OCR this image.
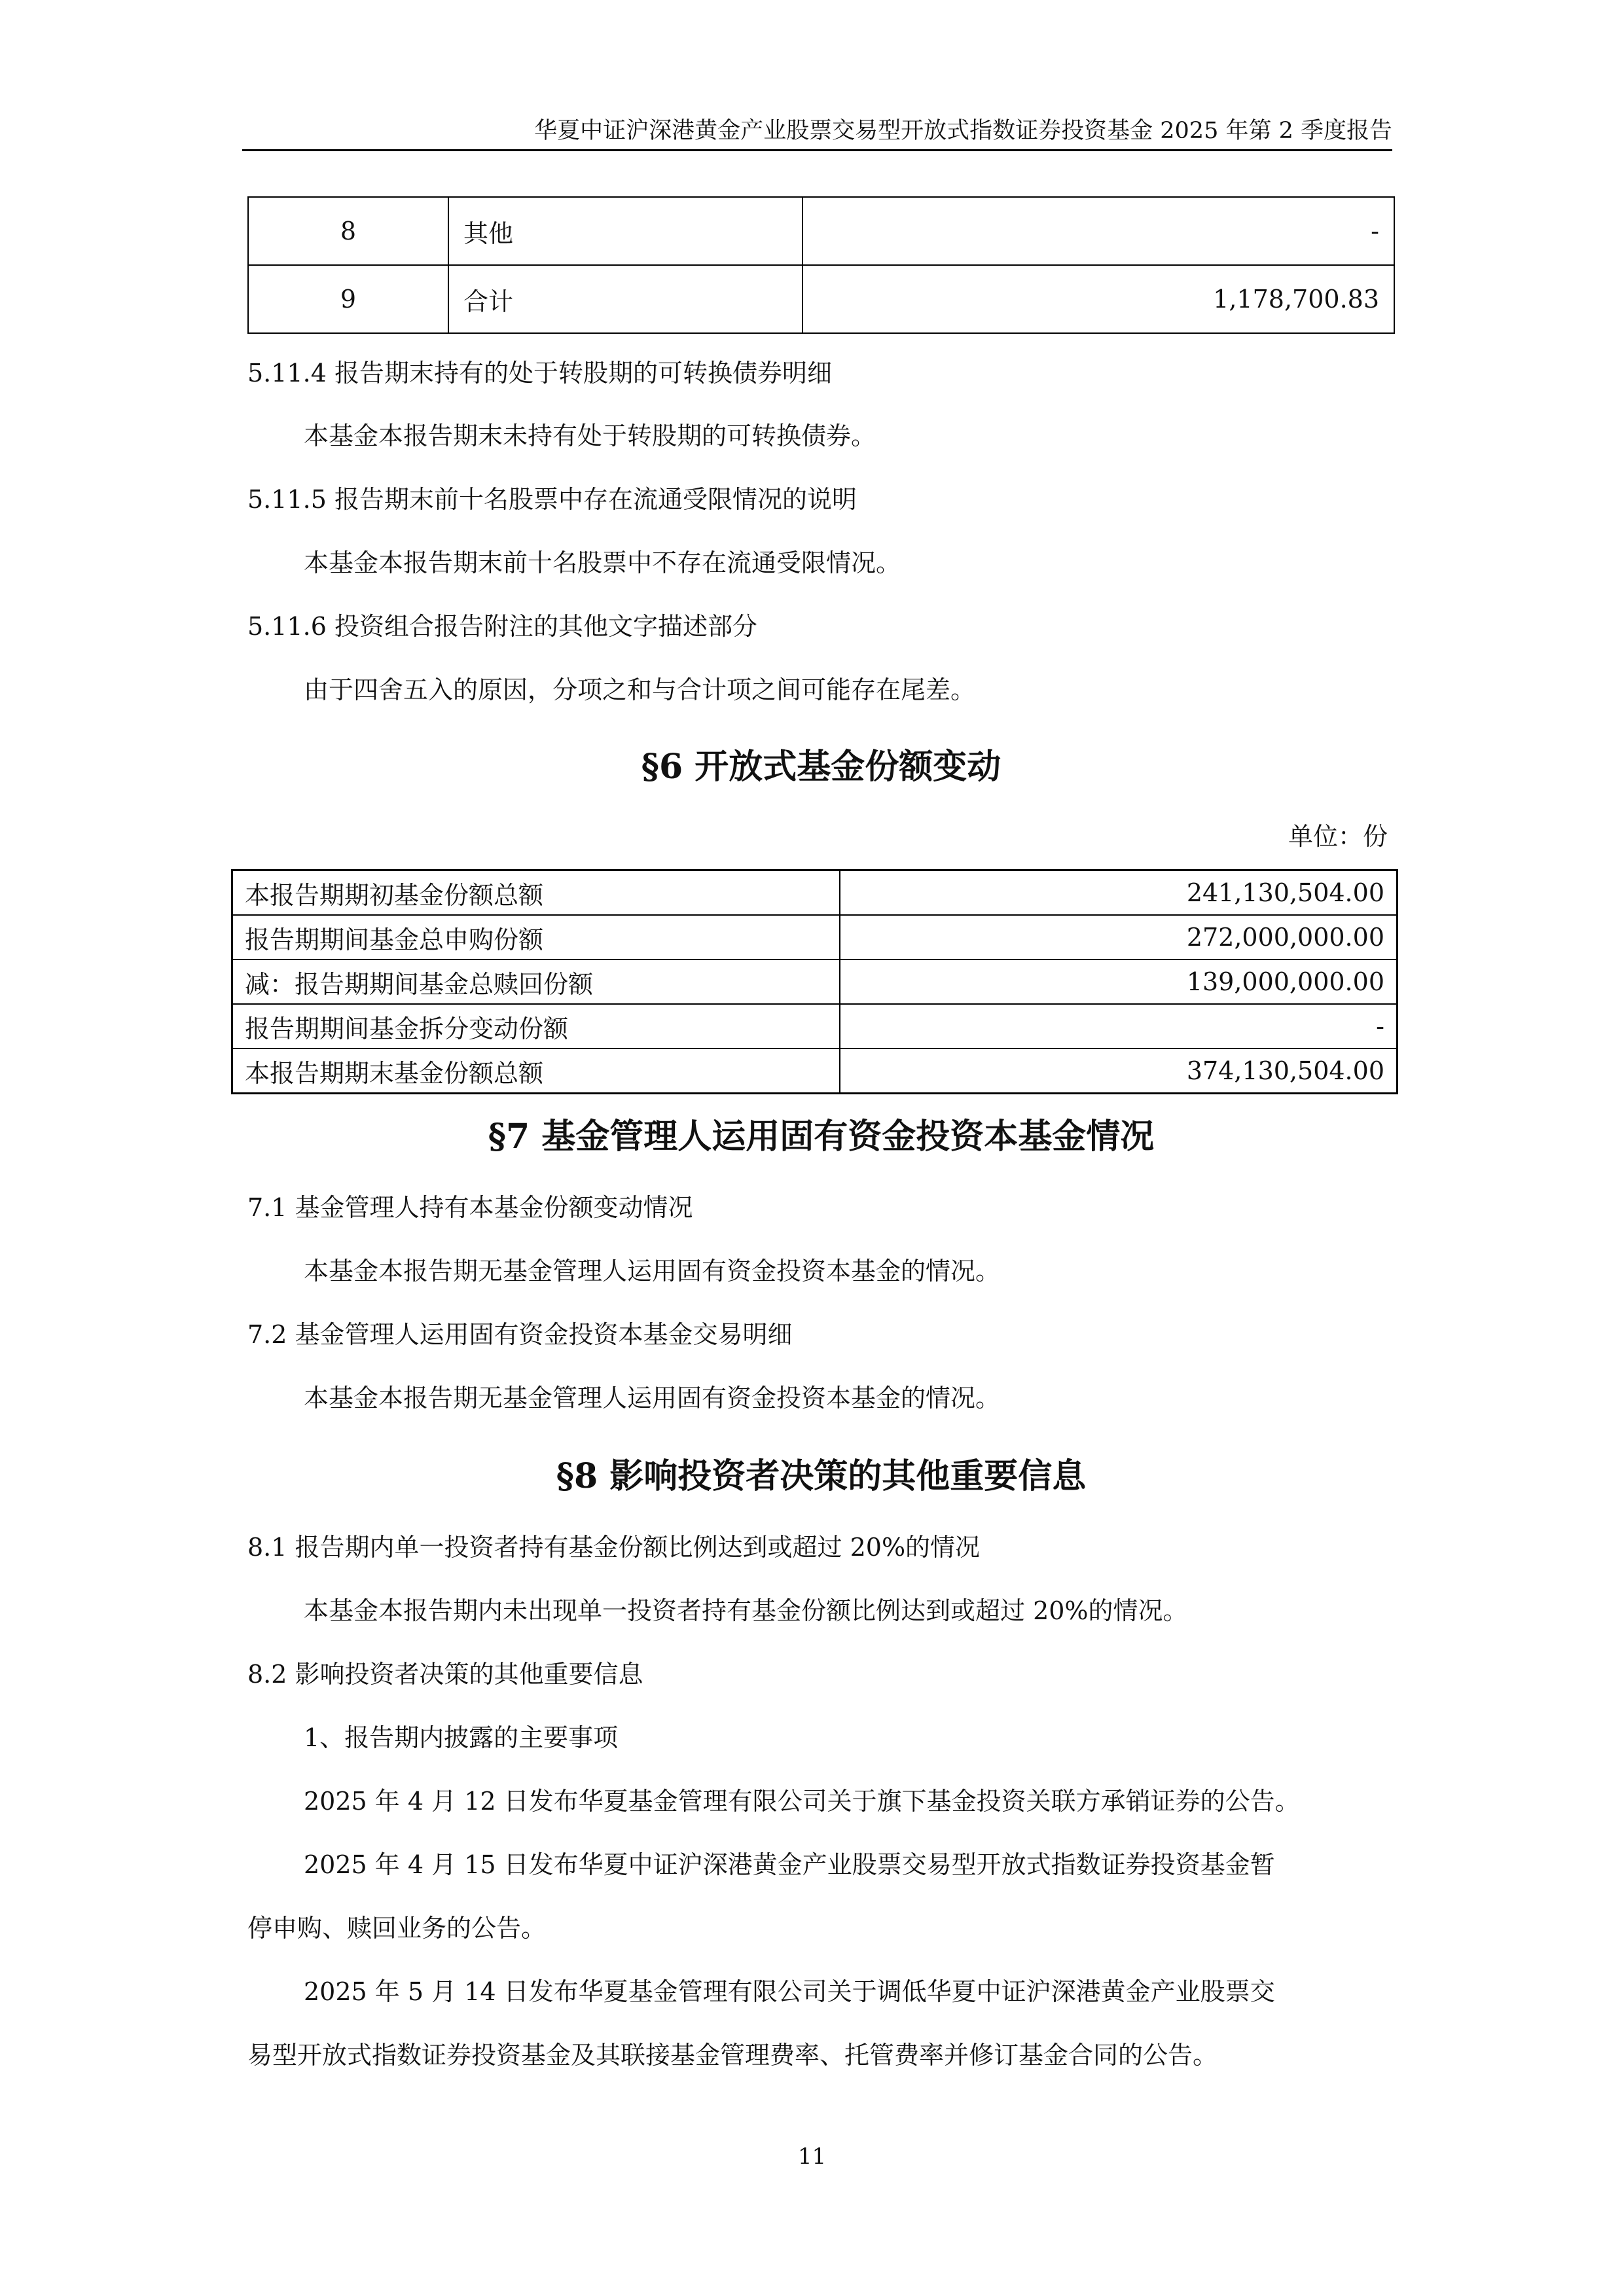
华夏中证沪深港黄金产业股票交易型开放式指数证券投资基金 2025 年第 2 季度报告
8	其他	-
9	合计	1,178,700.83
5.11.4 报告期末持有的处于转股期的可转换债券明细
本基金本报告期末未持有处于转股期的可转换债券。
5.11.5 报告期末前十名股票中存在流通受限情况的说明
本基金本报告期末前十名股票中不存在流通受限情况。
5.11.6 投资组合报告附注的其他文字描述部分
由于四舍五入的原因，分项之和与合计项之间可能存在尾差。
§6 开放式基金份额变动
单位：份
本报告期期初基金份额总额	241,130,504.00
报告期期间基金总申购份额	272,000,000.00
减：报告期期间基金总赎回份额	139,000,000.00
报告期期间基金拆分变动份额	-
本报告期期末基金份额总额	374,130,504.00
§7 基金管理人运用固有资金投资本基金情况
7.1 基金管理人持有本基金份额变动情况
本基金本报告期无基金管理人运用固有资金投资本基金的情况。
7.2 基金管理人运用固有资金投资本基金交易明细
本基金本报告期无基金管理人运用固有资金投资本基金的情况。
§8 影响投资者决策的其他重要信息
8.1 报告期内单一投资者持有基金份额比例达到或超过 20%的情况
本基金本报告期内未出现单一投资者持有基金份额比例达到或超过 20%的情况。
8.2 影响投资者决策的其他重要信息
1、报告期内披露的主要事项
2025 年 4 月 12 日发布华夏基金管理有限公司关于旗下基金投资关联方承销证券的公告。
2025 年 4 月 15 日发布华夏中证沪深港黄金产业股票交易型开放式指数证券投资基金暂
停申购、赎回业务的公告。
2025 年 5 月 14 日发布华夏基金管理有限公司关于调低华夏中证沪深港黄金产业股票交
易型开放式指数证券投资基金及其联接基金管理费率、托管费率并修订基金合同的公告。
11
